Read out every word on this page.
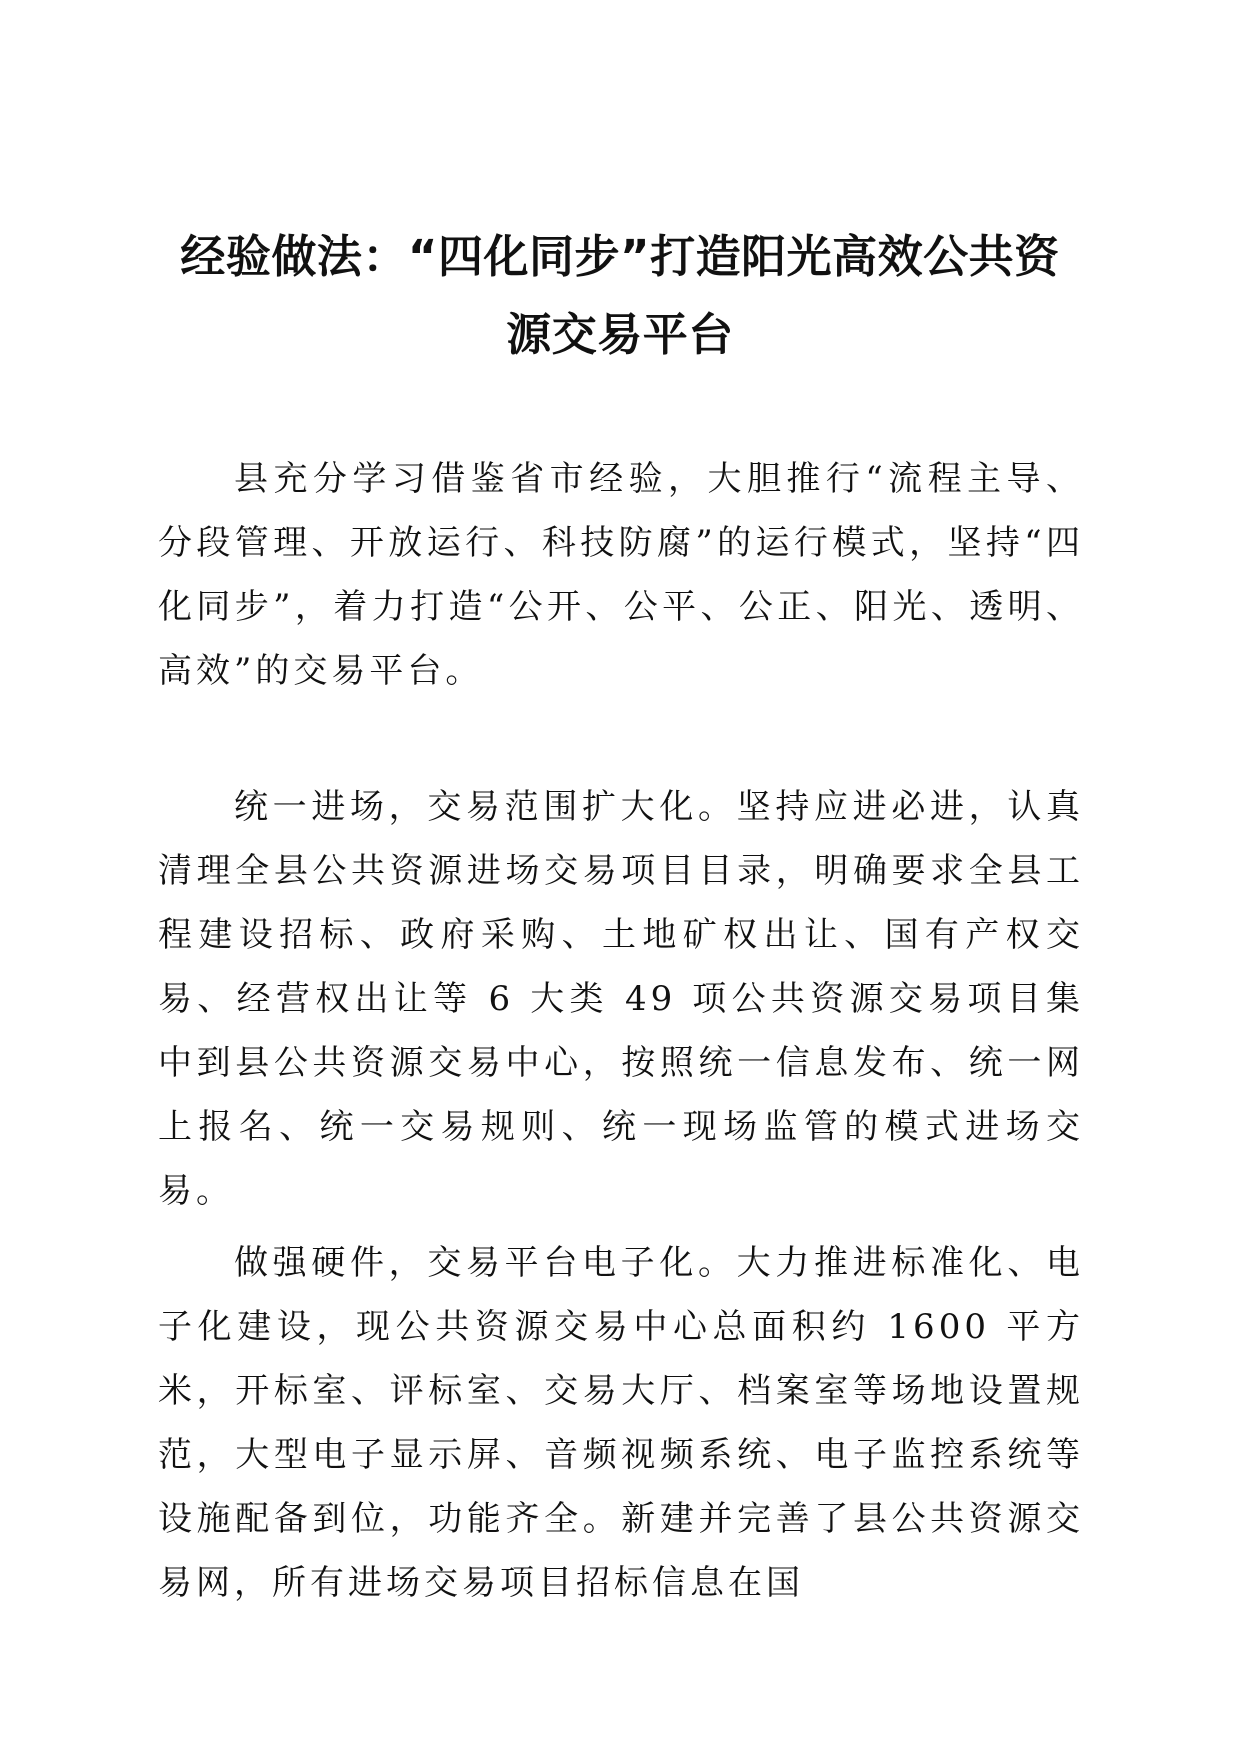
经验做法：“四化同步”打造阳光高效公共资
源交易平台

县充分学习借鉴省市经验，大胆推行“流程主导、分段管理、开放运行、科技防腐”的运行模式，坚持“四化同步”，着力打造“公开、公平、公正、阳光、透明、高效”的交易平台。

统一进场，交易范围扩大化。坚持应进必进，认真清理全县公共资源进场交易项目目录，明确要求全县工程建设招标、政府采购、土地矿权出让、国有产权交易、经营权出让等 6 大类 49 项公共资源交易项目集中到县公共资源交易中心，按照统一信息发布、统一网上报名、统一交易规则、统一现场监管的模式进场交易。

做强硬件，交易平台电子化。大力推进标准化、电子化建设，现公共资源交易中心总面积约 1600 平方米，开标室、评标室、交易大厅、档案室等场地设置规范，大型电子显示屏、音频视频系统、电子监控系统等设施配备到位，功能齐全。新建并完善了县公共资源交易网，所有进场交易项目招标信息在国
